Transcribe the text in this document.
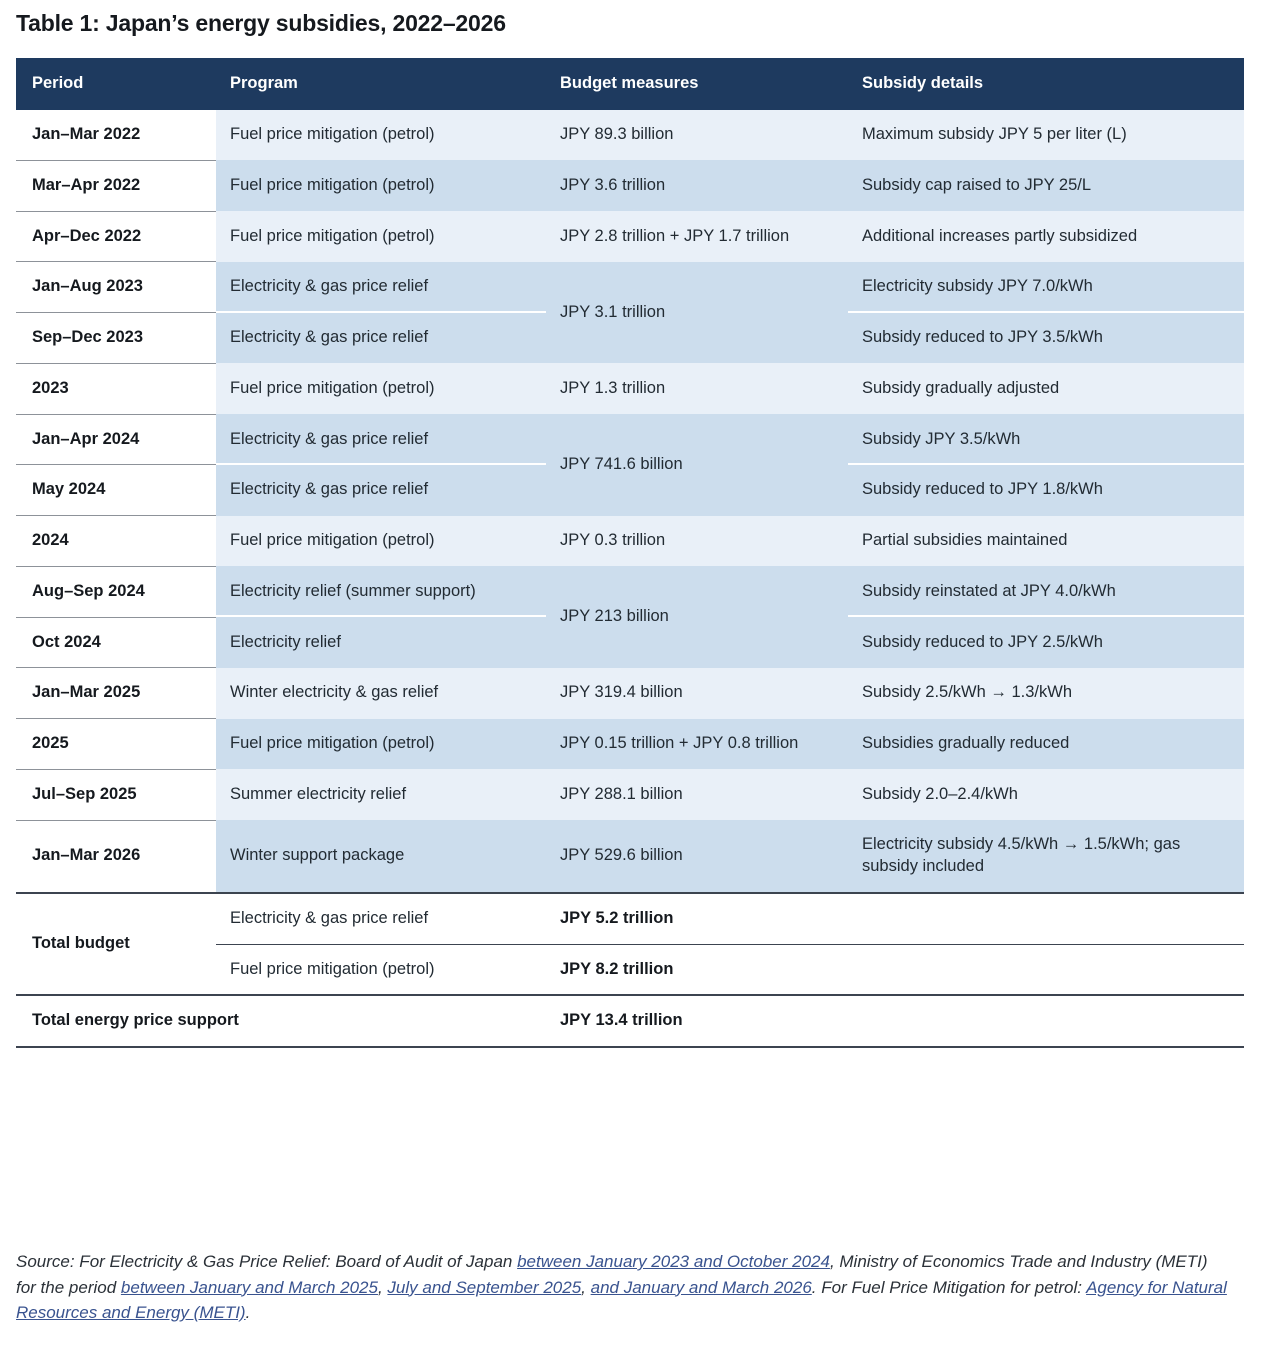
Table 1: Japan’s energy subsidies, 2022–2026
Period	Program	Budget measures	Subsidy details
Jan–Mar 2022	Fuel price mitigation (petrol)	JPY 89.3 billion	Maximum subsidy JPY 5 per liter (L)
Mar–Apr 2022	Fuel price mitigation (petrol)	JPY 3.6 trillion	Subsidy cap raised to JPY 25/L
Apr–Dec 2022	Fuel price mitigation (petrol)	JPY 2.8 trillion + JPY 1.7 trillion	Additional increases partly subsidized
Jan–Aug 2023	Electricity & gas price relief	JPY 3.1 trillion	Electricity subsidy JPY 7.0/kWh
Sep–Dec 2023	Electricity & gas price relief		Subsidy reduced to JPY 3.5/kWh
2023	Fuel price mitigation (petrol)	JPY 1.3 trillion	Subsidy gradually adjusted
Jan–Apr 2024	Electricity & gas price relief	JPY 741.6 billion	Subsidy JPY 3.5/kWh
May 2024	Electricity & gas price relief		Subsidy reduced to JPY 1.8/kWh
2024	Fuel price mitigation (petrol)	JPY 0.3 trillion	Partial subsidies maintained
Aug–Sep 2024	Electricity relief (summer support)	JPY 213 billion	Subsidy reinstated at JPY 4.0/kWh
Oct 2024	Electricity relief		Subsidy reduced to JPY 2.5/kWh
Jan–Mar 2025	Winter electricity & gas relief	JPY 319.4 billion	Subsidy 2.5/kWh → 1.3/kWh
2025	Fuel price mitigation (petrol)	JPY 0.15 trillion + JPY 0.8 trillion	Subsidies gradually reduced
Jul–Sep 2025	Summer electricity relief	JPY 288.1 billion	Subsidy 2.0–2.4/kWh
Jan–Mar 2026	Winter support package	JPY 529.6 billion	Electricity subsidy 4.5/kWh → 1.5/kWh; gas subsidy included
Total budget	Electricity & gas price relief	JPY 5.2 trillion	
	Fuel price mitigation (petrol)	JPY 8.2 trillion	
Total energy price support		JPY 13.4 trillion	
Source: For Electricity & Gas Price Relief: Board of Audit of Japan between January 2023 and October 2024, Ministry of Economics Trade and Industry (METI) for the period between January and March 2025, July and September 2025, and January and March 2026. For Fuel Price Mitigation for petrol: Agency for Natural Resources and Energy (METI).
